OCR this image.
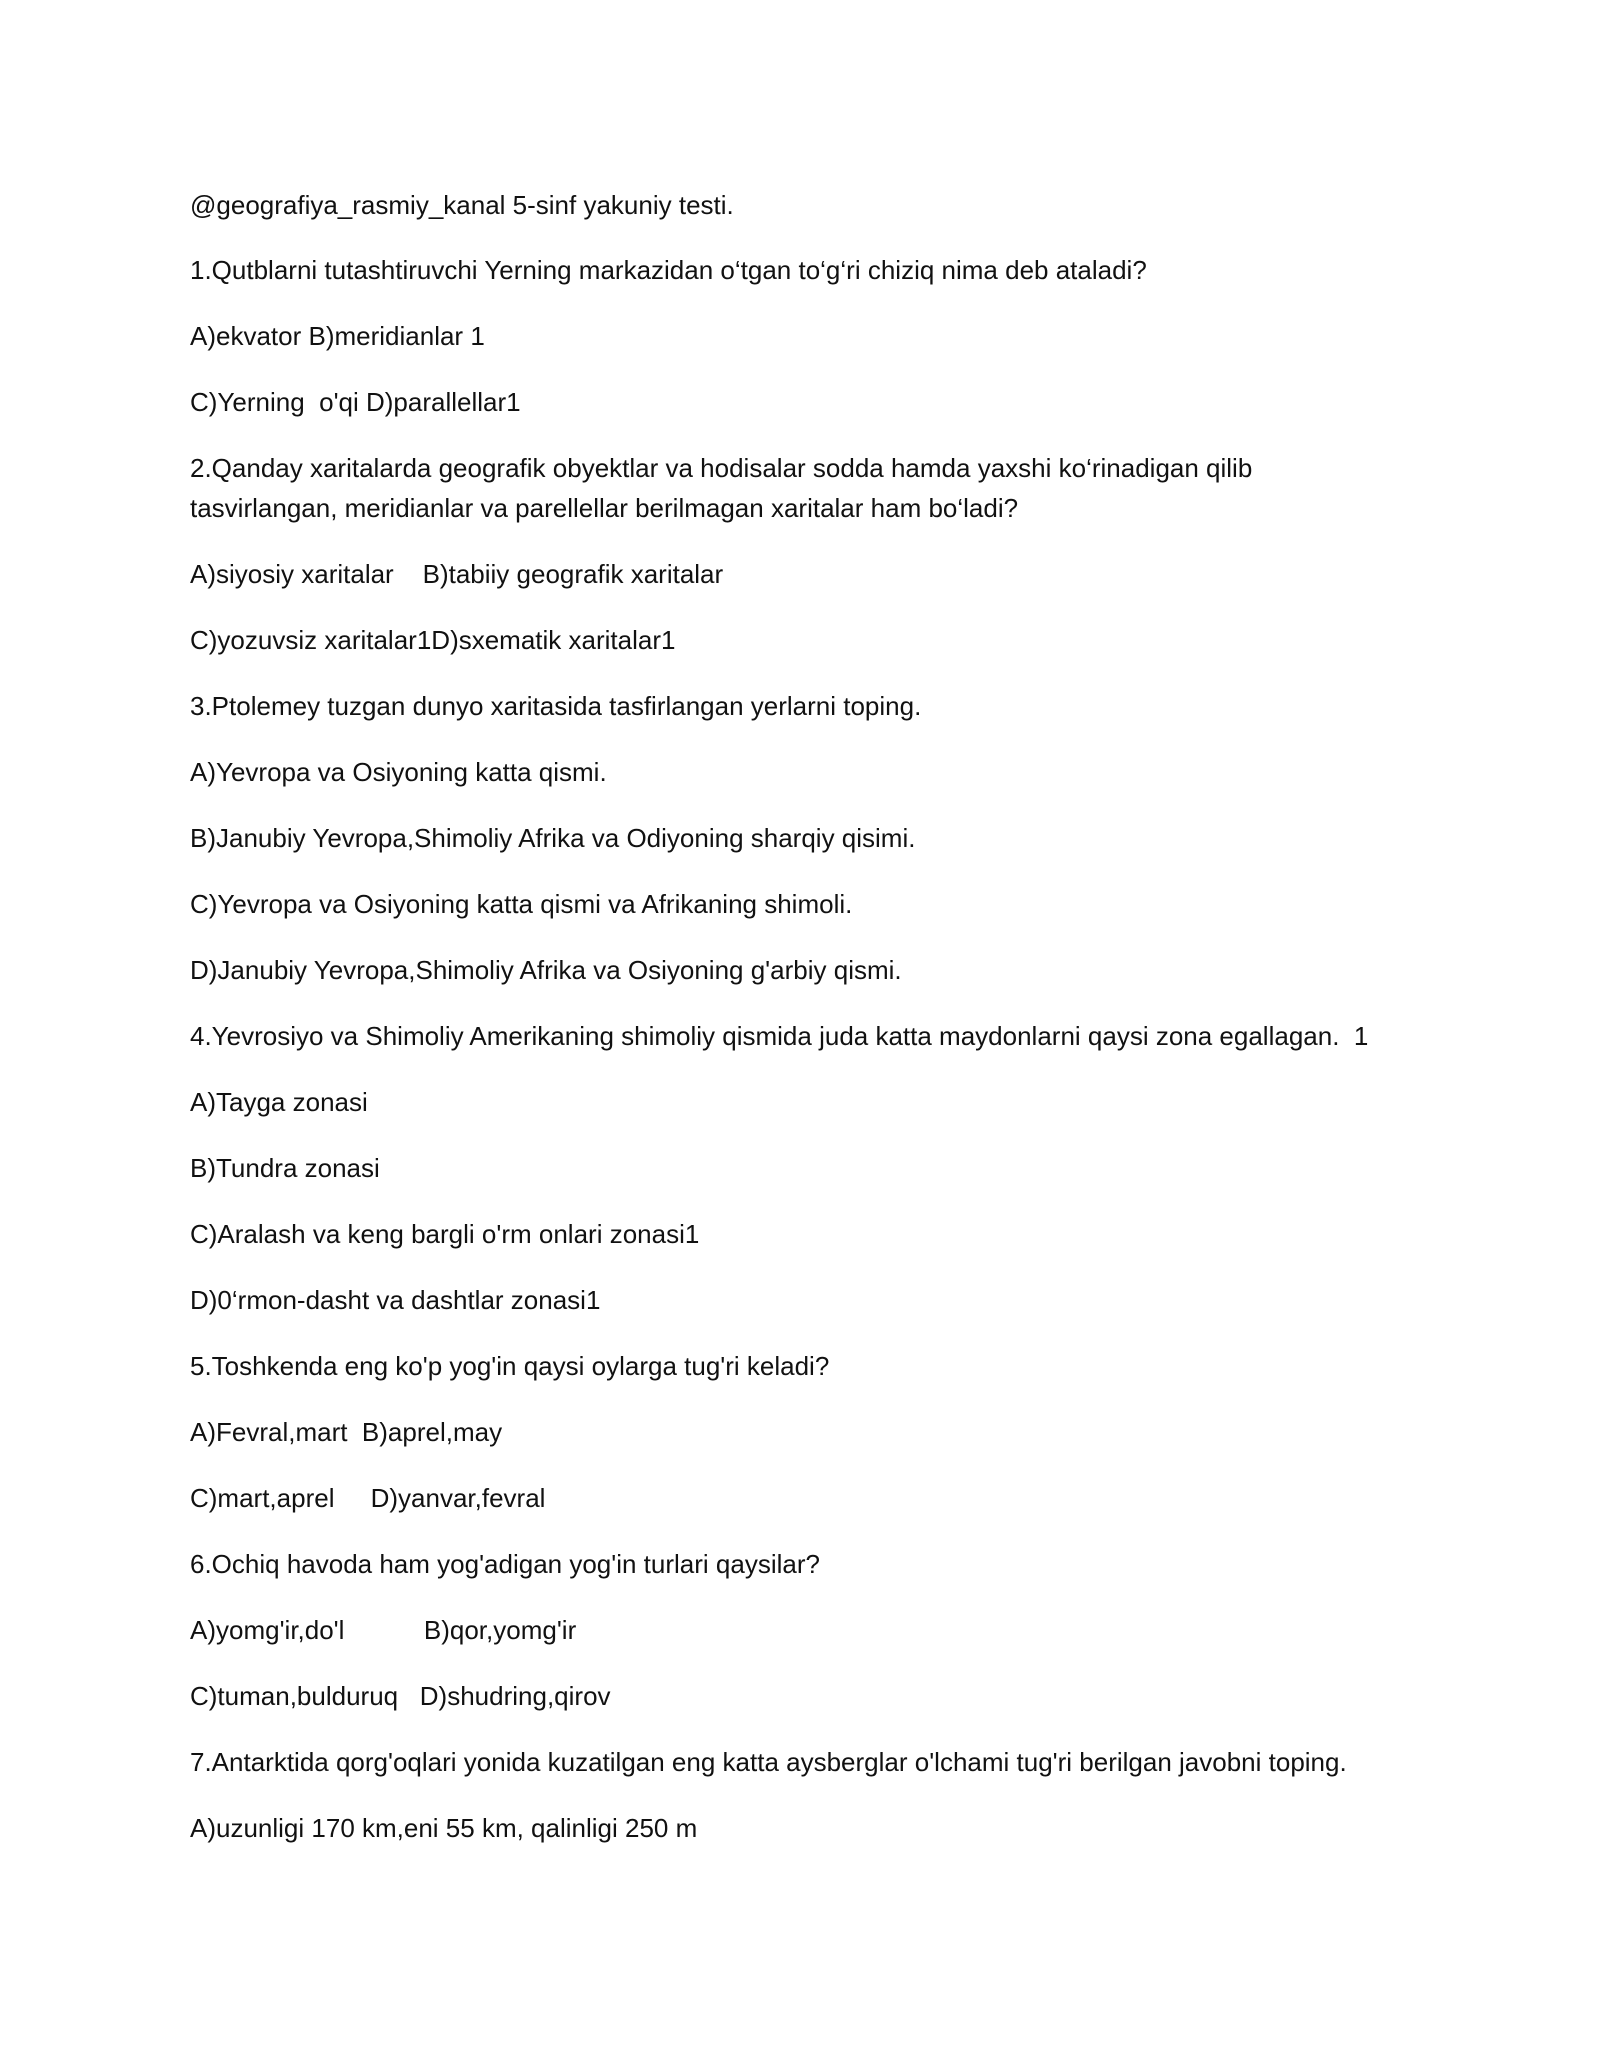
@geografiya_rasmiy_kanal 5-sinf yakuniy testi.
1.Qutblarni tutashtiruvchi Yerning markazidan o‘tgan to‘g‘ri chiziq nima deb ataladi?
A)ekvator B)meridianlar 1
C)Yerning  o'qi D)parallellar1
2.Qanday xaritalarda geografik obyektlar va hodisalar sodda hamda yaxshi ko‘rinadigan qilib
tasvirlangan, meridianlar va parellellar berilmagan xaritalar ham bo‘ladi?
A)siyosiy xaritalar    B)tabiiy geografik xaritalar
C)yozuvsiz xaritalar1D)sxematik xaritalar1
3.Ptolemey tuzgan dunyo xaritasida tasfirlangan yerlarni toping.
A)Yevropa va Osiyoning katta qismi.
B)Janubiy Yevropa,Shimoliy Afrika va Odiyoning sharqiy qisimi.
C)Yevropa va Osiyoning katta qismi va Afrikaning shimoli.
D)Janubiy Yevropa,Shimoliy Afrika va Osiyoning g'arbiy qismi.
4.Yevrosiyo va Shimoliy Amerikaning shimoliy qismida juda katta maydonlarni qaysi zona egallagan.  1
A)Tayga zonasi
B)Tundra zonasi
C)Aralash va keng bargli o'rm onlari zonasi1
D)0‘rmon-dasht va dashtlar zonasi1
5.Toshkenda eng ko'p yog'in qaysi oylarga tug'ri keladi?
A)Fevral,mart  B)aprel,may
C)mart,aprel     D)yanvar,fevral
6.Ochiq havoda ham yog'adigan yog'in turlari qaysilar?
A)yomg'ir,do'l           B)qor,yomg'ir
C)tuman,bulduruq   D)shudring,qirov
7.Antarktida qorg'oqlari yonida kuzatilgan eng katta aysberglar o'lchami tug'ri berilgan javobni toping.
A)uzunligi 170 km,eni 55 km, qalinligi 250 m
